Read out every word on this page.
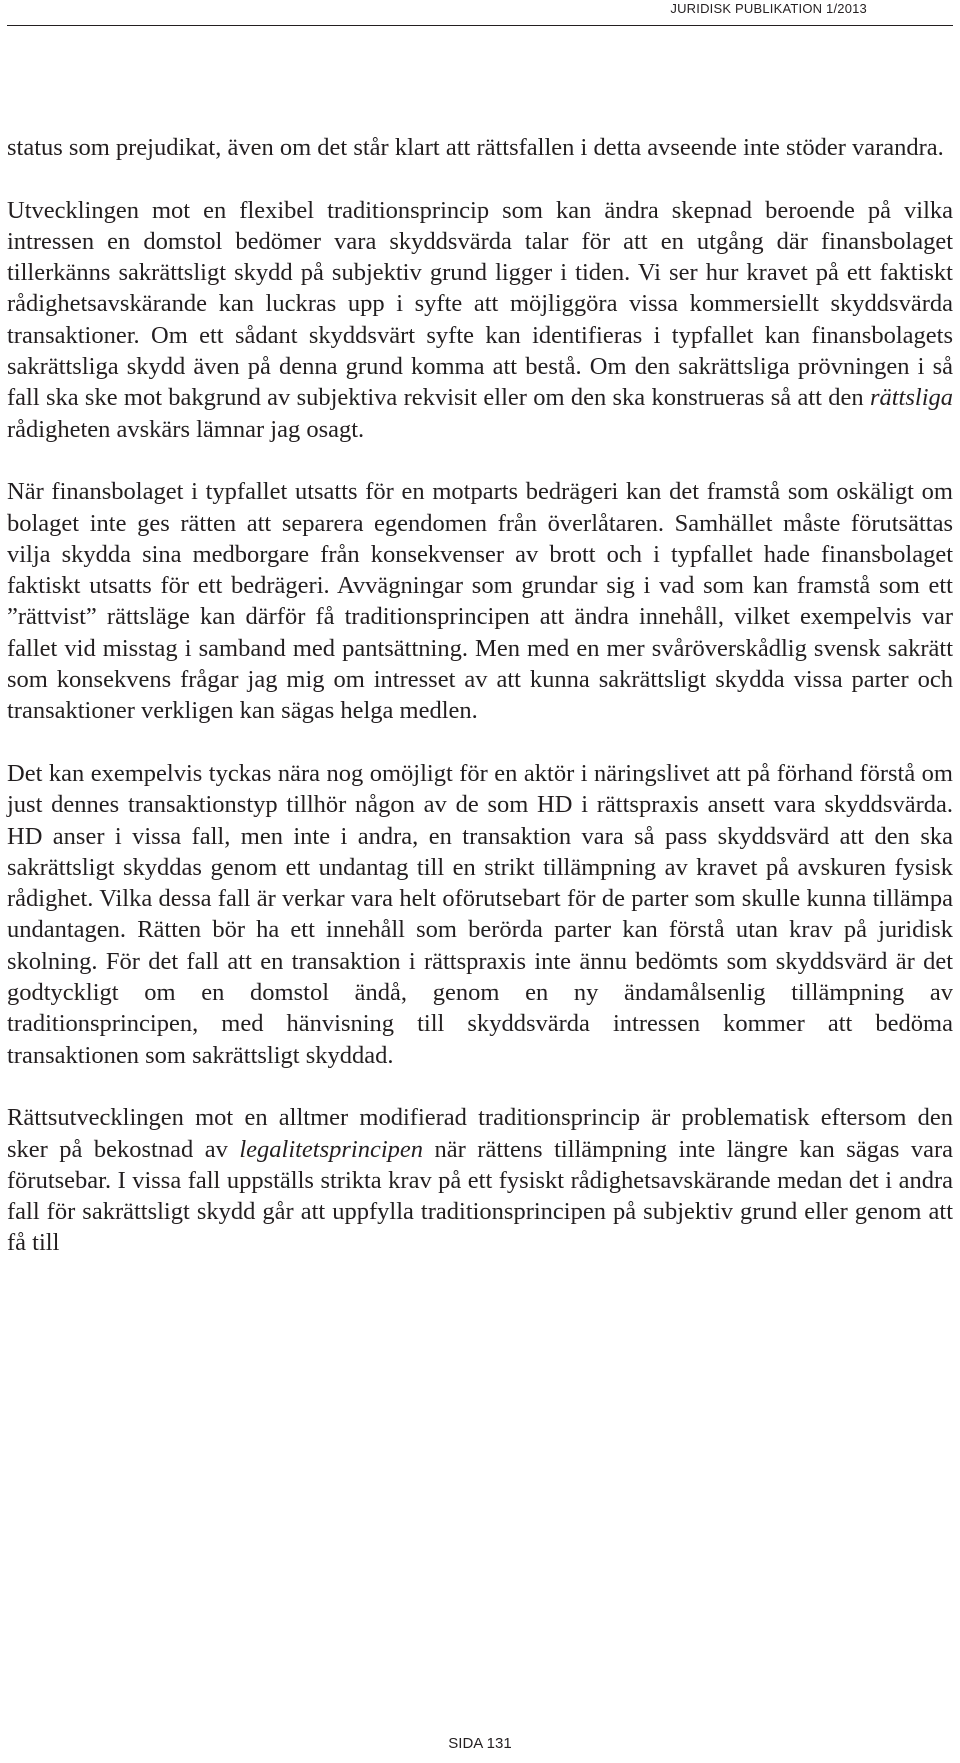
JURIDISK PUBLIKATION 1/2013

status som prejudikat, även om det står klart att rättsfallen i detta avseende inte stöder varandra.

Utvecklingen mot en flexibel traditionsprincip som kan ändra skepnad beroende på vilka intressen en domstol bedömer vara skyddsvärda talar för att en utgång där finansbolaget tillerkänns sakrättsligt skydd på subjektiv grund ligger i tiden. Vi ser hur kravet på ett faktiskt rådighetsavskärande kan luckras upp i syfte att möjliggöra vissa kommersiellt skyddsvärda transaktioner. Om ett sådant skyddsvärt syfte kan identifieras i typfallet kan finansbolagets sakrättsliga skydd även på denna grund komma att bestå. Om den sakrättsliga prövningen i så fall ska ske mot bakgrund av subjektiva rekvisit eller om den ska konstrueras så att den rättsliga rådigheten avskärs lämnar jag osagt.

När finansbolaget i typfallet utsatts för en motparts bedrägeri kan det framstå som oskäligt om bolaget inte ges rätten att separera egendomen från överlåtaren. Samhället måste förutsättas vilja skydda sina medborgare från konsekvenser av brott och i typfallet hade finansbolaget faktiskt utsatts för ett bedrägeri. Avvägningar som grundar sig i vad som kan framstå som ett ”rättvist” rättsläge kan därför få traditionsprincipen att ändra innehåll, vilket exempelvis var fallet vid misstag i samband med pantsättning. Men med en mer svåröverskådlig svensk sakrätt som konsekvens frågar jag mig om intresset av att kunna sakrättsligt skydda vissa parter och transaktioner verkligen kan sägas helga medlen.

Det kan exempelvis tyckas nära nog omöjligt för en aktör i näringslivet att på förhand förstå om just dennes transaktionstyp tillhör någon av de som HD i rättspraxis ansett vara skyddsvärda. HD anser i vissa fall, men inte i andra, en transaktion vara så pass skyddsvärd att den ska sakrättsligt skyddas genom ett undantag till en strikt tillämpning av kravet på avskuren fysisk rådighet. Vilka dessa fall är verkar vara helt oförutsebart för de parter som skulle kunna tillämpa undantagen. Rätten bör ha ett innehåll som berörda parter kan förstå utan krav på juridisk skolning. För det fall att en transaktion i rättspraxis inte ännu bedömts som skyddsvärd är det godtyckligt om en domstol ändå, genom en ny ändamålsenlig tillämpning av traditionsprincipen, med hänvisning till skyddsvärda intressen kommer att bedöma transaktionen som sakrättsligt skyddad.

Rättsutvecklingen mot en alltmer modifierad traditionsprincip är problematisk eftersom den sker på bekostnad av legalitetsprincipen när rättens tillämpning inte längre kan sägas vara förutsebar. I vissa fall uppställs strikta krav på ett fysiskt rådighetsavskärande medan det i andra fall för sakrättsligt skydd går att uppfylla traditionsprincipen på subjektiv grund eller genom att få till

SIDA 131
